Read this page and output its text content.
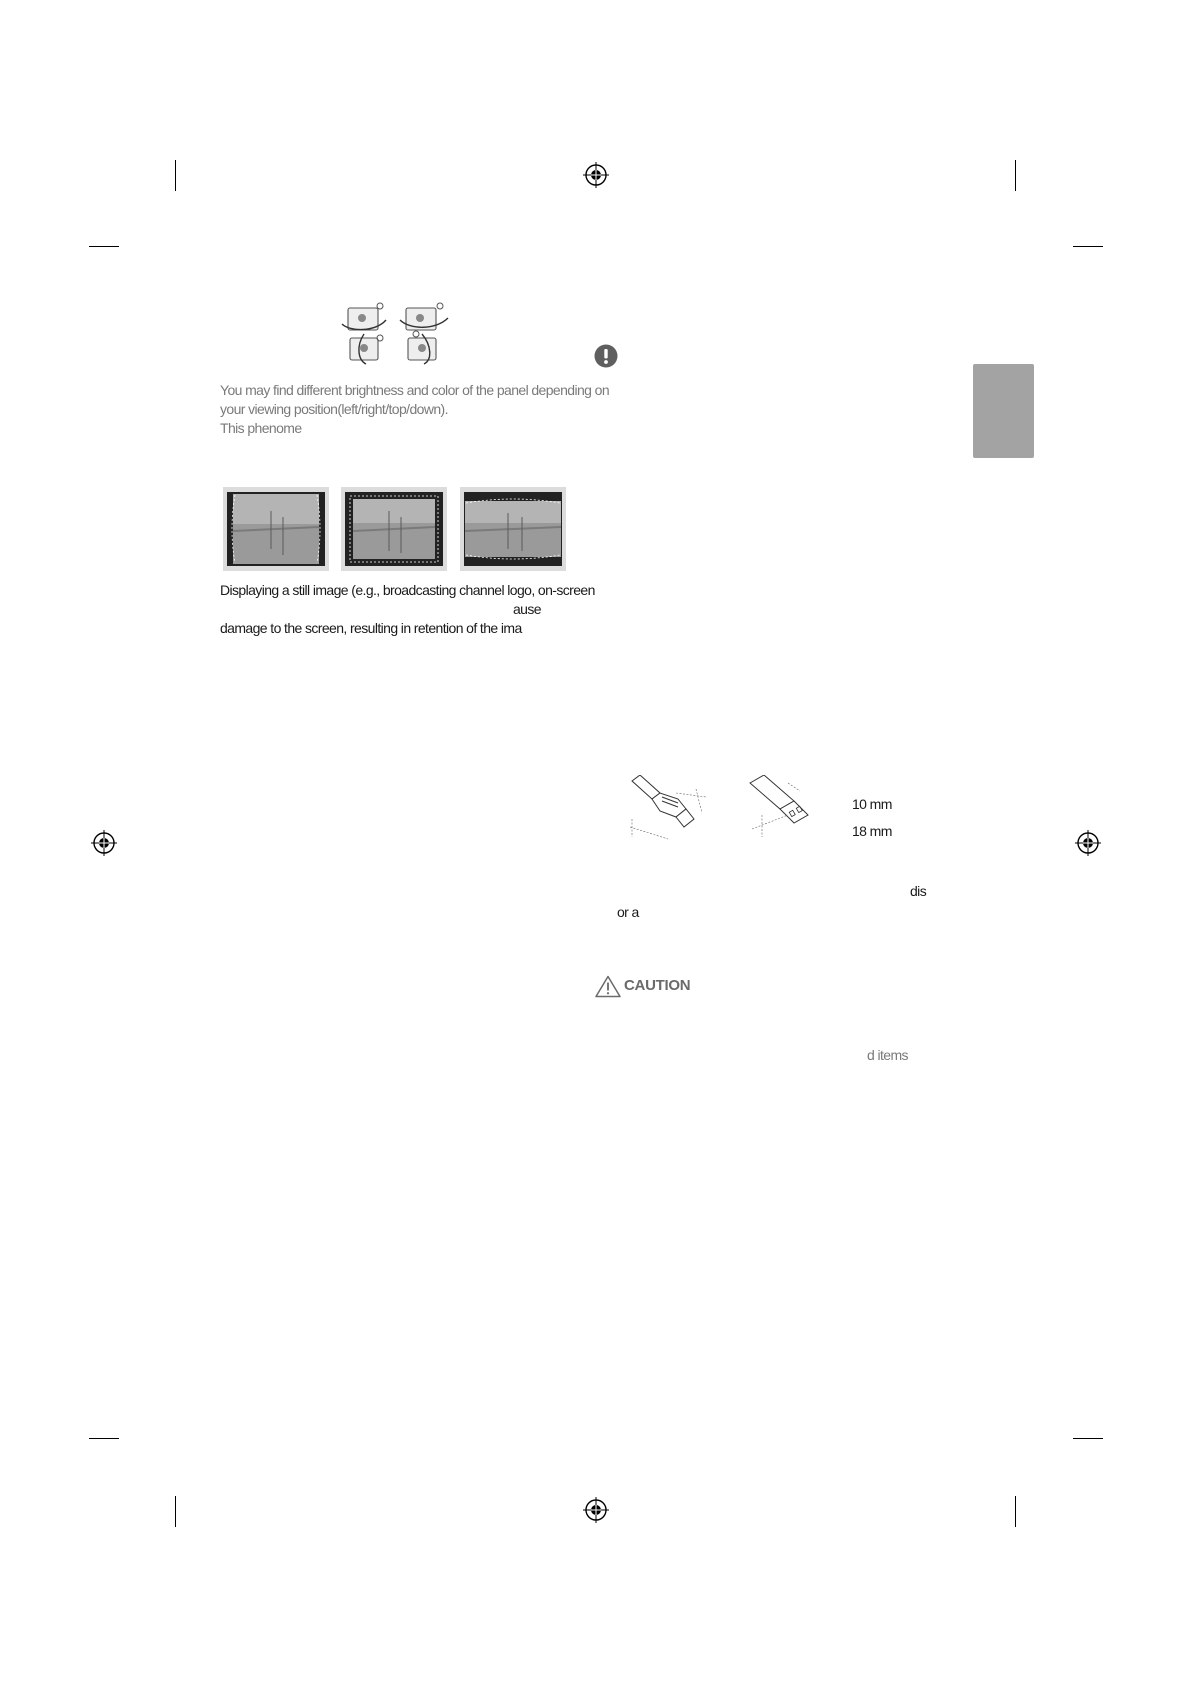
You may find different brightness and color of the panel depending on
your viewing position(left/right/top/down).
This phenome
Displaying a still image (e.g., broadcasting channel logo, on-screen
ause
damage to the screen, resulting in retention of the ima
10 mm
18 mm
dis
or a
CAUTION
d items
